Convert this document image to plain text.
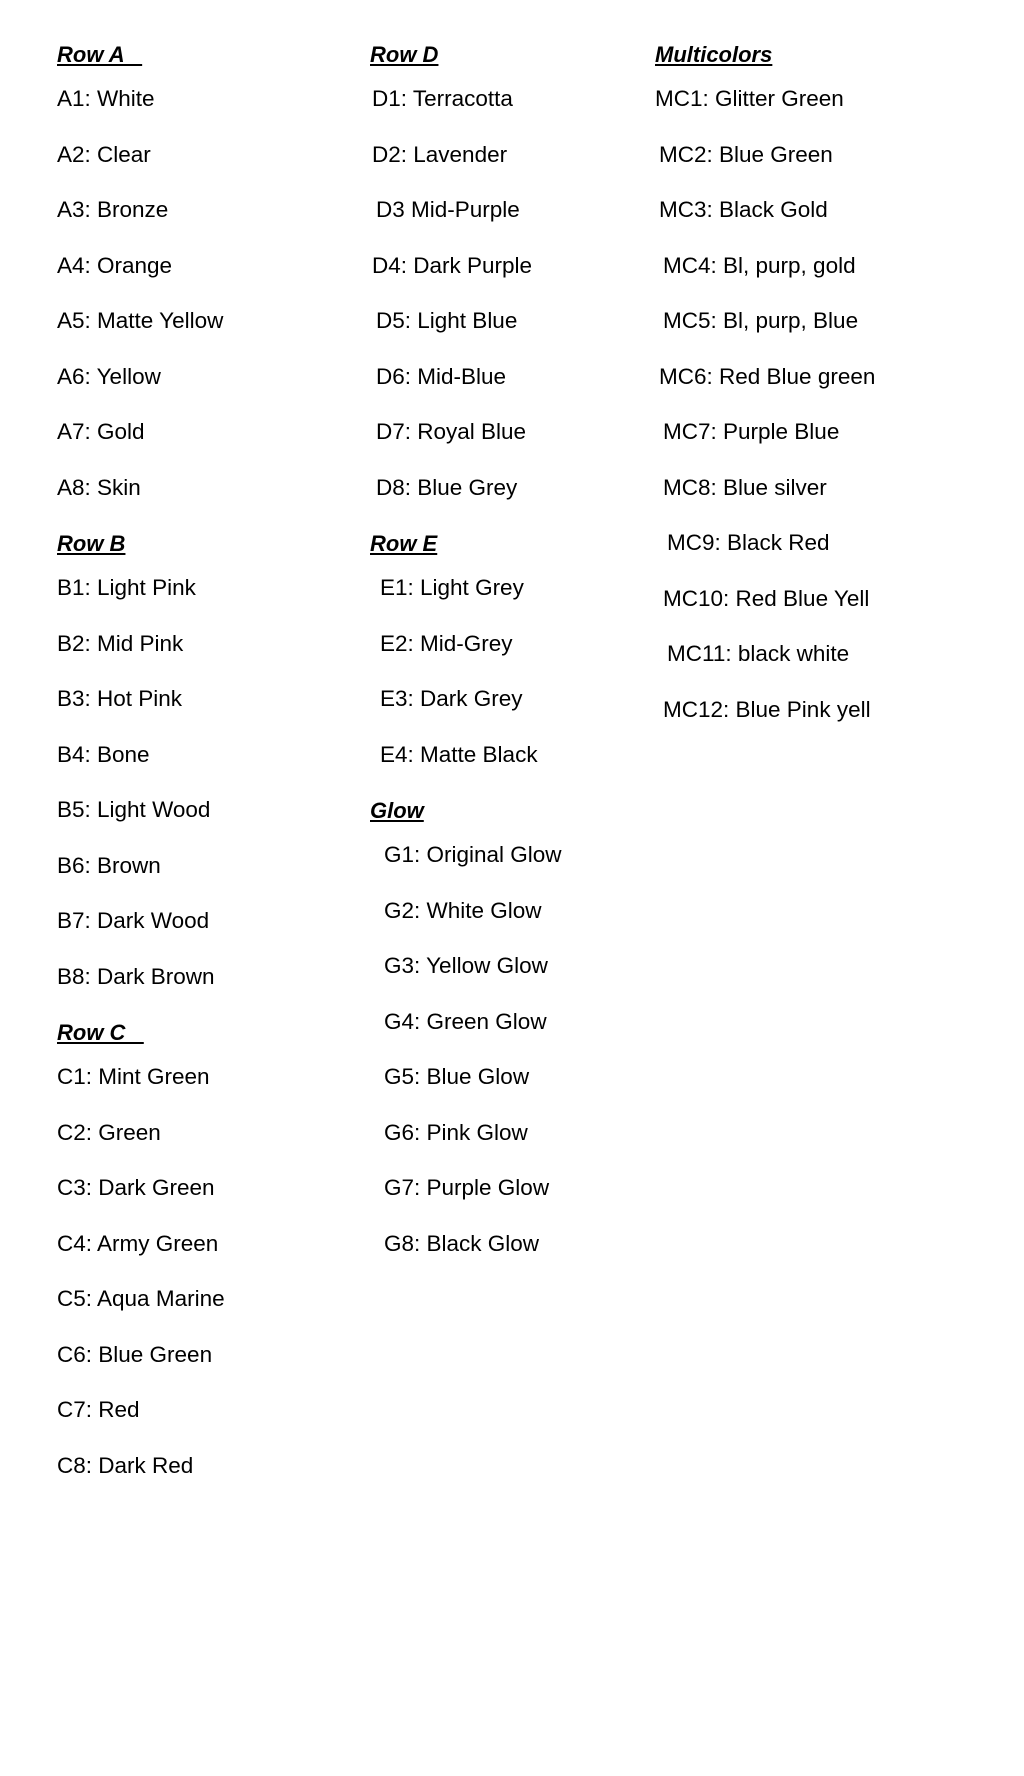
Row A
A1: White
A2: Clear
A3: Bronze
A4: Orange
A5: Matte Yellow
A6: Yellow
A7: Gold
A8: Skin
Row B
B1: Light Pink
B2: Mid Pink
B3: Hot Pink
B4: Bone
B5: Light Wood
B6: Brown
B7: Dark Wood
B8: Dark Brown
Row C
C1: Mint Green
C2: Green
C3: Dark Green
C4: Army Green
C5: Aqua Marine
C6: Blue Green
C7: Red
C8: Dark Red
Row D
D1: Terracotta
D2: Lavender
D3 Mid-Purple
D4: Dark Purple
D5: Light Blue
D6: Mid-Blue
D7: Royal Blue
D8: Blue Grey
Row E
E1: Light Grey
E2: Mid-Grey
E3: Dark Grey
E4: Matte Black
Glow
G1: Original Glow
G2: White Glow
G3: Yellow Glow
G4: Green Glow
G5: Blue Glow
G6: Pink Glow
G7: Purple Glow
G8: Black Glow
Multicolors
MC1: Glitter Green
MC2: Blue Green
MC3: Black Gold
MC4: Bl, purp, gold
MC5: Bl, purp, Blue
MC6: Red Blue green
MC7: Purple Blue
MC8: Blue silver
MC9: Black Red
MC10: Red Blue Yell
MC11: black white
MC12: Blue Pink yell
